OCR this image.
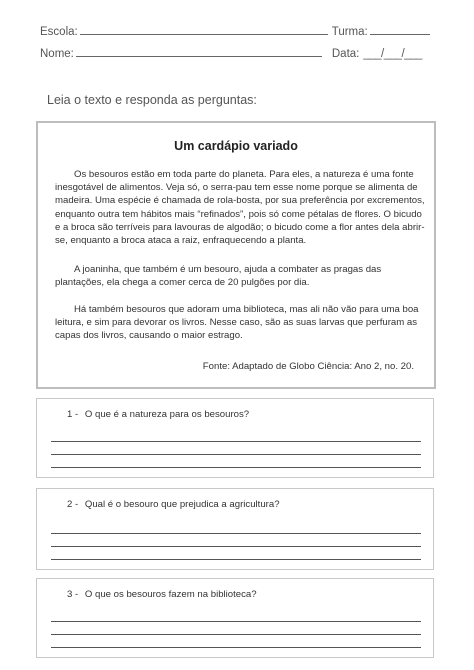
Escola:	Turma:
Nome:	Data: ___/___/___
Leia o texto e responda as perguntas:
Um cardápio variado
Os besouros estão em toda parte do planeta. Para eles, a natureza é uma fonte inesgotável de alimentos. Veja só, o serra-pau tem esse nome porque se alimenta de madeira. Uma espécie é chamada de rola-bosta, por sua preferência por excrementos, enquanto outra tem hábitos mais “refinados”, pois só come pétalas de flores. O bicudo e a broca são terríveis para lavouras de algodão; o bicudo come a flor antes dela abrir-se, enquanto a broca ataca a raiz, enfraquecendo a planta.
A joaninha, que também é um besouro, ajuda a combater as pragas das plantações, ela chega a comer cerca de 20 pulgões por dia.
Há também besouros que adoram uma biblioteca, mas ali não vão para uma boa leitura, e sim para devorar os livros. Nesse caso, são as suas larvas que perfuram as capas dos livros, causando o maior estrago.
Fonte: Adaptado de Globo Ciência: Ano 2, no. 20.
1 - O que é a natureza para os besouros?
2 - Qual é o besouro que prejudica a agricultura?
3 - O que os besouros fazem na biblioteca?
